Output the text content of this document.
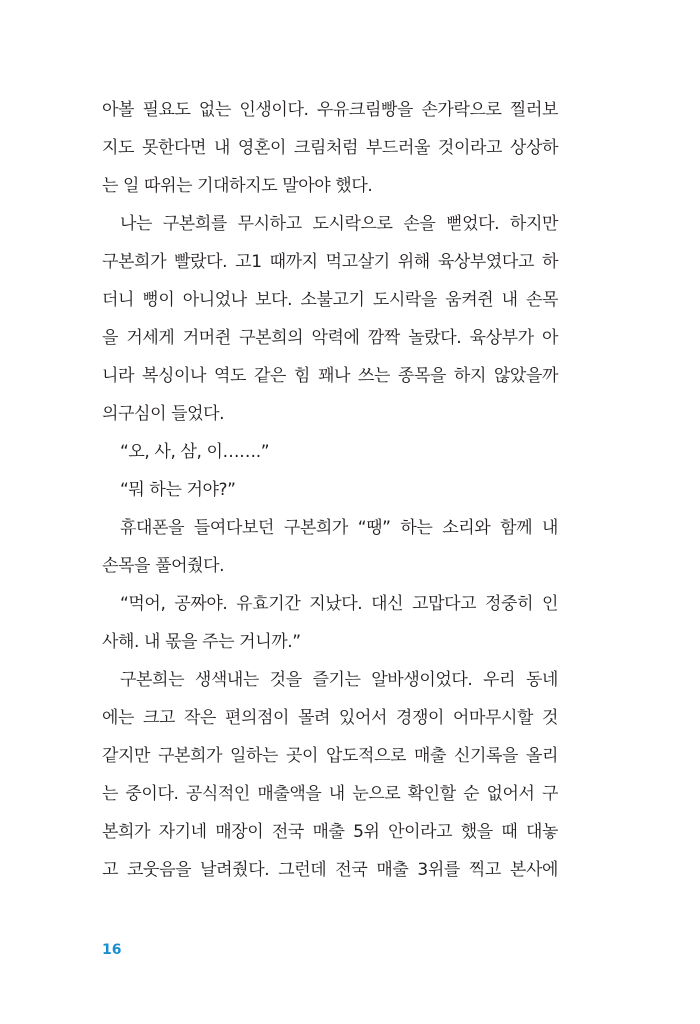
아볼 필요도 없는 인생이다. 우유크림빵을 손가락으로 찔러보
지도 못한다면 내 영혼이 크림처럼 부드러울 것이라고 상상하
는 일 따위는 기대하지도 말아야 했다.
나는 구본희를 무시하고 도시락으로 손을 뻗었다. 하지만
구본희가 빨랐다. 고1 때까지 먹고살기 위해 육상부였다고 하
더니 뻥이 아니었나 보다. 소불고기 도시락을 움켜쥔 내 손목
을 거세게 거머쥔 구본희의 악력에 깜짝 놀랐다. 육상부가 아
니라 복싱이나 역도 같은 힘 꽤나 쓰는 종목을 하지 않았을까
의구심이 들었다.
“오, 사, 삼, 이…….”
“뭐 하는 거야?”
휴대폰을 들여다보던 구본희가 “땡” 하는 소리와 함께 내
손목을 풀어줬다.
“먹어, 공짜야. 유효기간 지났다. 대신 고맙다고 정중히 인
사해. 내 몫을 주는 거니까.”
구본희는 생색내는 것을 즐기는 알바생이었다. 우리 동네
에는 크고 작은 편의점이 몰려 있어서 경쟁이 어마무시할 것
같지만 구본희가 일하는 곳이 압도적으로 매출 신기록을 올리
는 중이다. 공식적인 매출액을 내 눈으로 확인할 순 없어서 구
본희가 자기네 매장이 전국 매출 5위 안이라고 했을 때 대놓
고 코웃음을 날려줬다. 그런데 전국 매출 3위를 찍고 본사에
16
